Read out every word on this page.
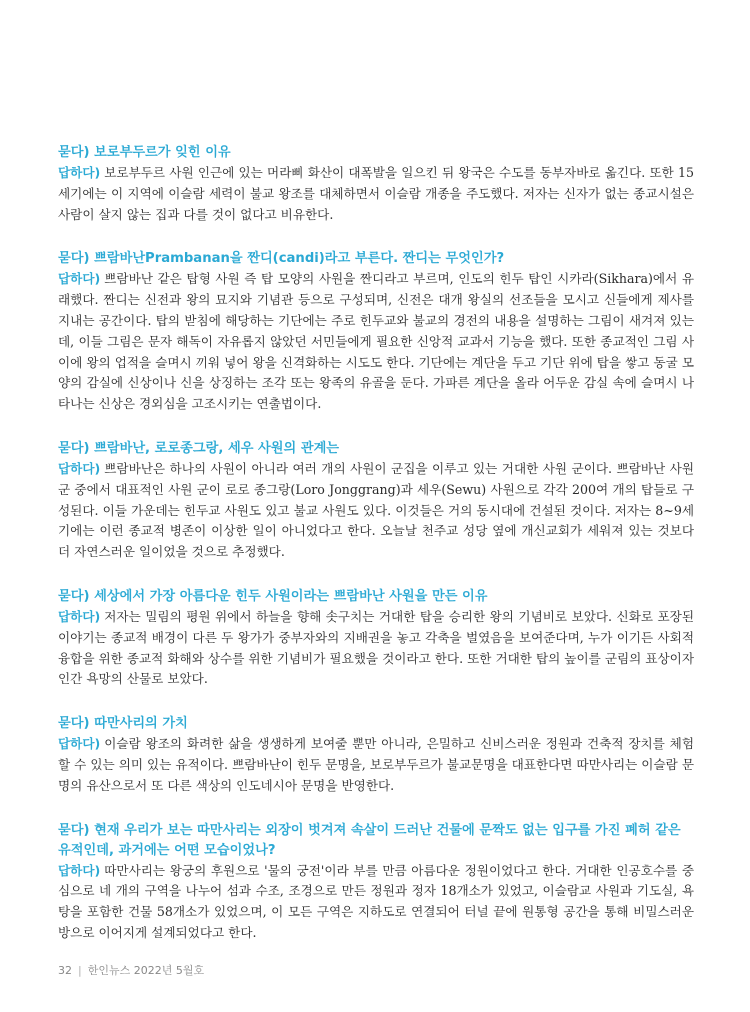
묻다) 보로부두르가 잊힌 이유

답하다) 보로부두르 사원 인근에 있는 머라삐 화산이 대폭발을 일으킨 뒤 왕국은 수도를 동부자바로 옮긴다. 또한 15세기에는 이 지역에 이슬람 세력이 불교 왕조를 대체하면서 이슬람 개종을 주도했다. 저자는 신자가 없는 종교시설은 사람이 살지 않는 집과 다를 것이 없다고 비유한다.

묻다) 쁘람바난Prambanan을 짠디(candi)라고 부른다. 짠디는 무엇인가?

답하다) 쁘람바난 같은 탑형 사원 즉 탑 모양의 사원을 짠디라고 부르며, 인도의 힌두 탑인 시카라(Sikhara)에서 유래했다. 짠디는 신전과 왕의 묘지와 기념관 등으로 구성되며, 신전은 대개 왕실의 선조들을 모시고 신들에게 제사를 지내는 공간이다. 탑의 받침에 해당하는 기단에는 주로 힌두교와 불교의 경전의 내용을 설명하는 그림이 새겨져 있는데, 이들 그림은 문자 해독이 자유롭지 않았던 서민들에게 필요한 신앙적 교과서 기능을 했다. 또한 종교적인 그림 사이에 왕의 업적을 슬며시 끼워 넣어 왕을 신격화하는 시도도 한다. 기단에는 계단을 두고 기단 위에 탑을 쌓고 동굴 모양의 감실에 신상이나 신을 상징하는 조각 또는 왕족의 유골을 둔다. 가파른 계단을 올라 어두운 감실 속에 슬며시 나타나는 신상은 경외심을 고조시키는 연출법이다.

묻다) 쁘람바난, 로로종그랑, 세우 사원의 관계는

답하다) 쁘람바난은 하나의 사원이 아니라 여러 개의 사원이 군집을 이루고 있는 거대한 사원 군이다. 쁘람바난 사원 군 중에서 대표적인 사원 군이 로로 종그랑(Loro Jonggrang)과 세우(Sewu) 사원으로 각각 200여 개의 탑들로 구성된다. 이들 가운데는 힌두교 사원도 있고 불교 사원도 있다. 이것들은 거의 동시대에 건설된 것이다. 저자는 8~9세기에는 이런 종교적 병존이 이상한 일이 아니었다고 한다. 오늘날 천주교 성당 옆에 개신교회가 세워져 있는 것보다 더 자연스러운 일이었을 것으로 추정했다.

묻다) 세상에서 가장 아름다운 힌두 사원이라는 쁘람바난 사원을 만든 이유

답하다) 저자는 밀림의 평원 위에서 하늘을 향해 솟구치는 거대한 탑을 승리한 왕의 기념비로 보았다. 신화로 포장된 이야기는 종교적 배경이 다른 두 왕가가 중부자와의 지배권을 놓고 각축을 벌였음을 보여준다며, 누가 이기든 사회적 융합을 위한 종교적 화해와 상수를 위한 기념비가 필요했을 것이라고 한다. 또한 거대한 탑의 높이를 군림의 표상이자 인간 욕망의 산물로 보았다.

묻다) 따만사리의 가치

답하다) 이슬람 왕조의 화려한 삶을 생생하게 보여줄 뿐만 아니라, 은밀하고 신비스러운 정원과 건축적 장치를 체험할 수 있는 의미 있는 유적이다. 쁘람바난이 힌두 문명을, 보로부두르가 불교문명을 대표한다면 따만사리는 이슬람 문명의 유산으로서 또 다른 색상의 인도네시아 문명을 반영한다.

묻다) 현재 우리가 보는 따만사리는 외장이 벗겨져 속살이 드러난 건물에 문짝도 없는 입구를 가진 폐허 같은 유적인데, 과거에는 어떤 모습이었나?

답하다) 따만사리는 왕궁의 후원으로 '물의 궁전'이라 부를 만큼 아름다운 정원이었다고 한다. 거대한 인공호수를 중심으로 네 개의 구역을 나누어 섬과 수조, 조경으로 만든 정원과 정자 18개소가 있었고, 이슬람교 사원과 기도실, 욕탕을 포함한 건물 58개소가 있었으며, 이 모든 구역은 지하도로 연결되어 터널 끝에 원통형 공간을 통해 비밀스러운 방으로 이어지게 설계되었다고 한다.

32 | 한인뉴스 2022년 5월호
